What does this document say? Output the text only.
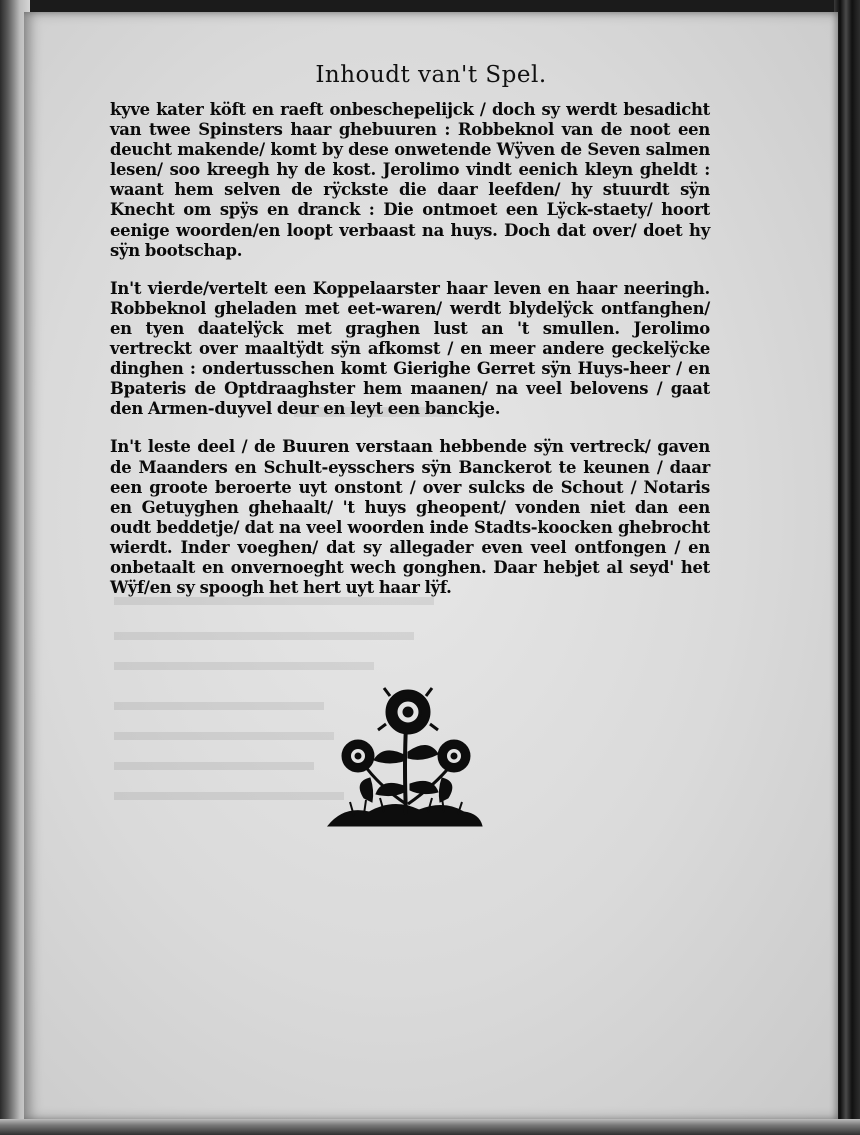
Inhoudt van't Spel.

kyve kater köft en raeft onbeschepelijck / doch sy werdt besadicht van twee Spinsters haar ghebuuren : Robbeknol van de noot een deucht makende/ komt by dese onwetende Wÿven de Seven salmen lesen/ soo kreegh hy de kost. Jerolimo vindt eenich kleyn gheldt : waant hem selven de rÿckste die daar leefden/ hy stuurdt sÿn Knecht om spÿs en dranck : Die ontmoet een Lÿck-staety/ hoort eenige woorden/en loopt verbaast na huys. Doch dat over/ doet hy sÿn bootschap.

In't vierde/vertelt een Koppelaarster haar leven en haar neeringh. Robbeknol gheladen met eet-waren/ werdt blydelÿck ontfanghen/ en tyen daatelÿck met graghen lust an 't smullen. Jerolimo vertreckt over maaltÿdt sÿn afkomst / en meer andere geckelÿcke dinghen : ondertusschen komt Gierighe Gerret sÿn Huys-heer / en Bpateris de Optdraaghster hem maanen/ na veel belovens / gaat den Armen-duyvel deur en leyt een banckje.

In't leste deel / de Buuren verstaan hebbende sÿn vertreck/ gaven de Maanders en Schult-eysschers sÿn Banckerot te keunen / daar een groote beroerte uyt onstont / over sulcks de Schout / Notaris en Getuyghen ghehaalt/ 't huys gheopent/ vonden niet dan een oudt beddetje/ dat na veel woorden inde Stadts-koocken ghebrocht wierdt. Inder voeghen/ dat sy allegader even veel ontfongen / en onbetaalt en onvernoeght wech gonghen. Daar hebjet al seyd' het Wÿf/en sy spoogh het hert uyt haar lÿf.
